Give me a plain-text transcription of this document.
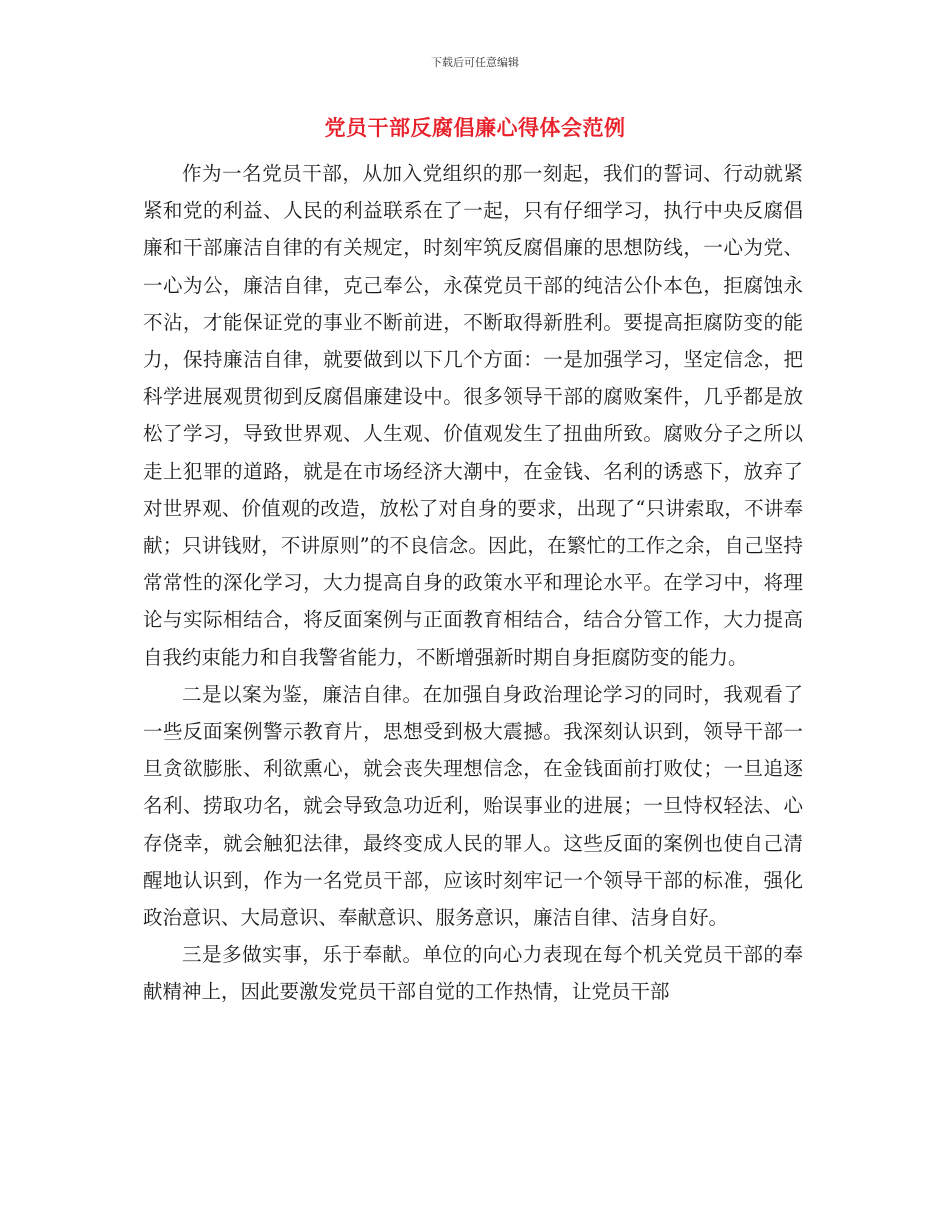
下载后可任意编辑
党员干部反腐倡廉心得体会范例

作为一名党员干部，从加入党组织的那一刻起，我们的誓词、行动就紧紧和党的利益、人民的利益联系在了一起，只有仔细学习，执行中央反腐倡廉和干部廉洁自律的有关规定，时刻牢筑反腐倡廉的思想防线，一心为党、一心为公，廉洁自律，克己奉公，永葆党员干部的纯洁公仆本色，拒腐蚀永不沾，才能保证党的事业不断前进，不断取得新胜利。要提高拒腐防变的能力，保持廉洁自律，就要做到以下几个方面：一是加强学习，坚定信念，把科学进展观贯彻到反腐倡廉建设中。很多领导干部的腐败案件，几乎都是放松了学习，导致世界观、人生观、价值观发生了扭曲所致。腐败分子之所以走上犯罪的道路，就是在市场经济大潮中，在金钱、名利的诱惑下，放弃了对世界观、价值观的改造，放松了对自身的要求，出现了“只讲索取，不讲奉献；只讲钱财，不讲原则”的不良信念。因此，在繁忙的工作之余，自己坚持常常性的深化学习，大力提高自身的政策水平和理论水平。在学习中，将理论与实际相结合，将反面案例与正面教育相结合，结合分管工作，大力提高自我约束能力和自我警省能力，不断增强新时期自身拒腐防变的能力。

二是以案为鉴，廉洁自律。在加强自身政治理论学习的同时，我观看了一些反面案例警示教育片，思想受到极大震撼。我深刻认识到，领导干部一旦贪欲膨胀、利欲熏心，就会丧失理想信念，在金钱面前打败仗；一旦追逐名利、捞取功名，就会导致急功近利，贻误事业的进展；一旦恃权轻法、心存侥幸，就会触犯法律，最终变成人民的罪人。这些反面的案例也使自己清醒地认识到，作为一名党员干部，应该时刻牢记一个领导干部的标准，强化政治意识、大局意识、奉献意识、服务意识，廉洁自律、洁身自好。

三是多做实事，乐于奉献。单位的向心力表现在每个机关党员干部的奉献精神上，因此要激发党员干部自觉的工作热情，让党员干部
